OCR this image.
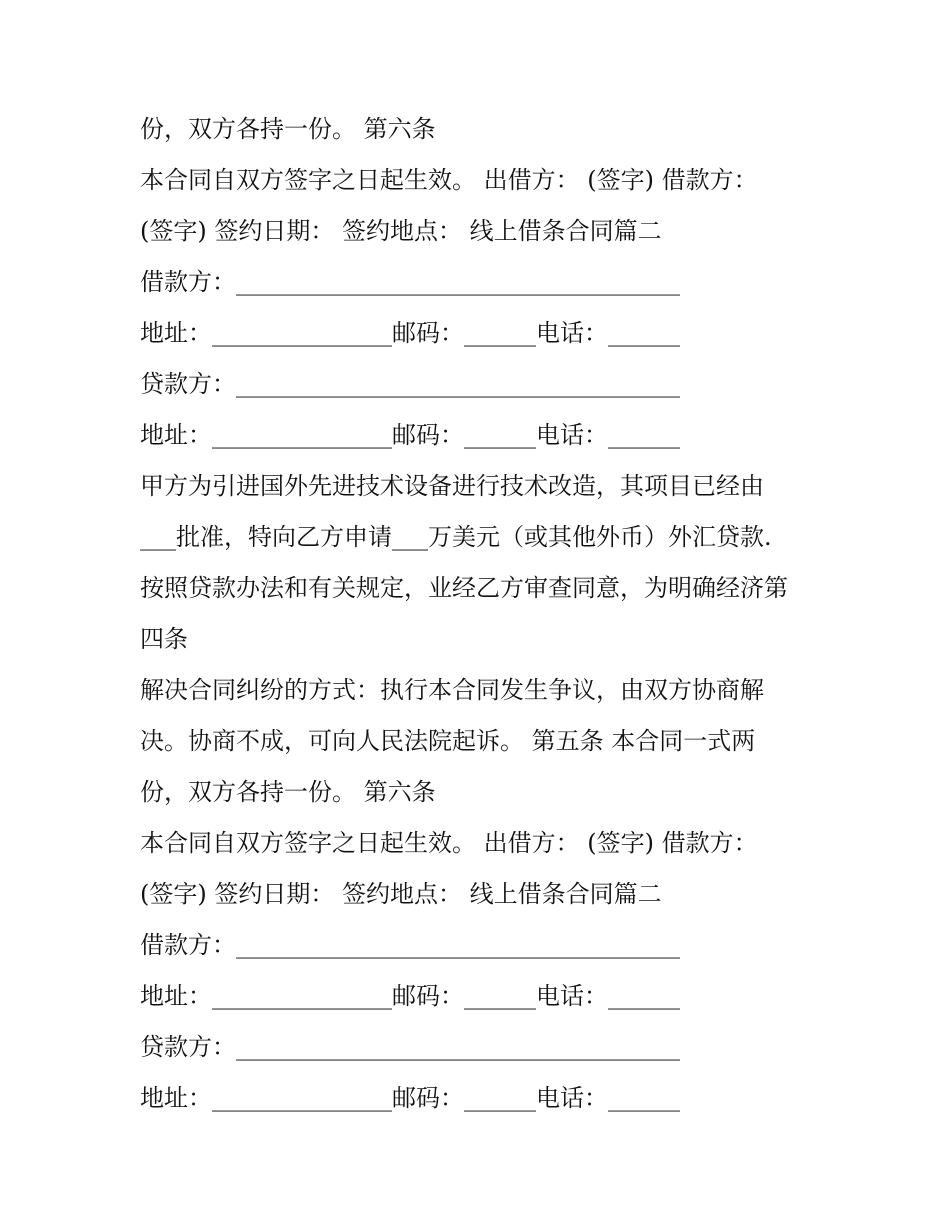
份，双方各持一份。 第六条
本合同自双方签字之日起生效。 出借方： (签字) 借款方：
(签字) 签约日期： 签约地点： 线上借条合同篇二
借款方：_____________________________________
地址：_______________邮码：______电话：______
贷款方：_____________________________________
地址：_______________邮码：______电话：______
甲方为引进国外先进技术设备进行技术改造，其项目已经由
___批准，特向乙方申请___万美元（或其他外币）外汇贷款.
按照贷款办法和有关规定，业经乙方审查同意，为明确经济第
四条
解决合同纠纷的方式：执行本合同发生争议，由双方协商解
决。协商不成，可向人民法院起诉。 第五条 本合同一式两
份，双方各持一份。 第六条
本合同自双方签字之日起生效。 出借方： (签字) 借款方：
(签字) 签约日期： 签约地点： 线上借条合同篇二
借款方：_____________________________________
地址：_______________邮码：______电话：______
贷款方：_____________________________________
地址：_______________邮码：______电话：______
